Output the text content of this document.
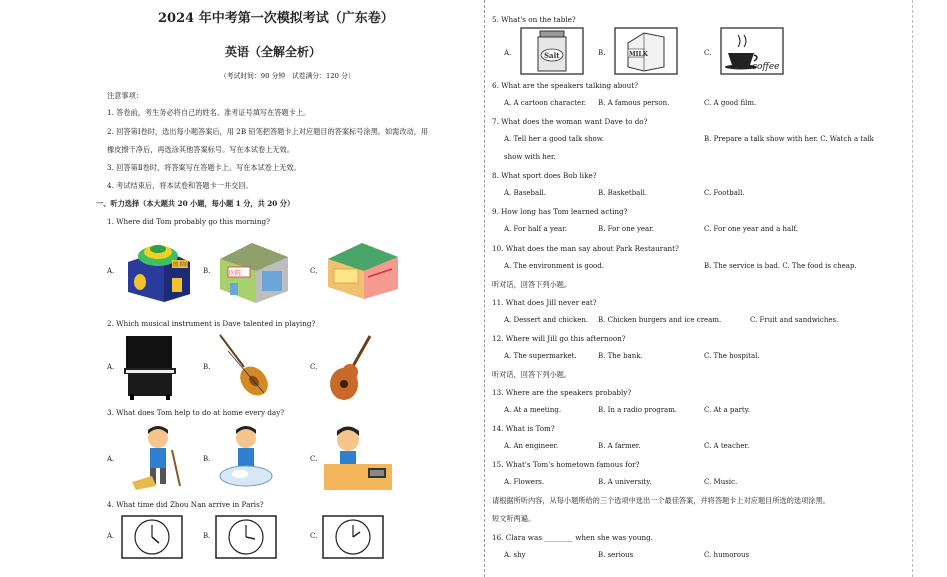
2024 年中考第一次模拟考试（广东卷）
英语（全解全析）
（考试时间：90 分钟　试卷满分：120 分）
注意事项：
1. 答卷前，考生务必将自己的姓名、准考证号填写在答题卡上。
2. 回答第Ⅰ卷时，选出每小题答案后，用 2B 铅笔把答题卡上对应题目的答案标号涂黑。如需改动，用
橡皮擦干净后，再选涂其他答案标号。写在本试卷上无效。
3. 回答第Ⅱ卷时，将答案写在答题卡上。写在本试卷上无效。
4. 考试结束后，将本试卷和答题卡一并交回。
一、听力选择（本大题共 20 小题，每小题 1 分，共 20 分）
1. Where did Tom probably go this morning?
A.	B.	C.
图书馆
医院
2. Which musical instrument is Dave talented in playing?
A.	B.	C.
3. What does Tom help to do at home every day?
A.	B.	C.
4. What time did Zhou Nan arrive in Paris?
A.	B.	C.
5. What's on the table?
A.	B.	C.
Salt	MILK
coffee
6. What are the speakers talking about?
A. A cartoon character. B. A famous person.	C. A good film.
7. What does the woman want Dave to do?
A. Tell her a good talk show.	B. Prepare a talk show with her. C. Watch a talk
show with her.
8. What sport does Bob like?
A. Baseball.	B. Basketball.	C. Football.
9. How long has Tom learned acting?
A. For half a year.	B. For one year.	C. For one year and a half.
10. What does the man say about Park Restaurant?
A. The environment is good.	B. The service is bad. C. The food is cheap.
听对话，回答下列小题。
11. What does Jill never eat?
A. Dessert and chicken. B. Chicken burgers and ice cream.	C. Fruit and sandwiches.
12. Where will Jill go this afternoon?
A. The supermarket.	B. The bank.	C. The hospital.
听对话，回答下列小题。
13. Where are the speakers probably?
A. At a meeting.	B. In a radio program.	C. At a party.
14. What is Tom?
A. An engineer.	B. A farmer.	C. A teacher.
15. What's Tom's hometown famous for?
A. Flowers.	B. A university.	C. Music.
请根据所听内容，从每小题所给的三个选项中选出一个最佳答案，并将答题卡上对应题目所选的选项涂黑。
短文听两遍。
16. Clara was ________ when she was young.
A. shy	B. serious	C. humorous
